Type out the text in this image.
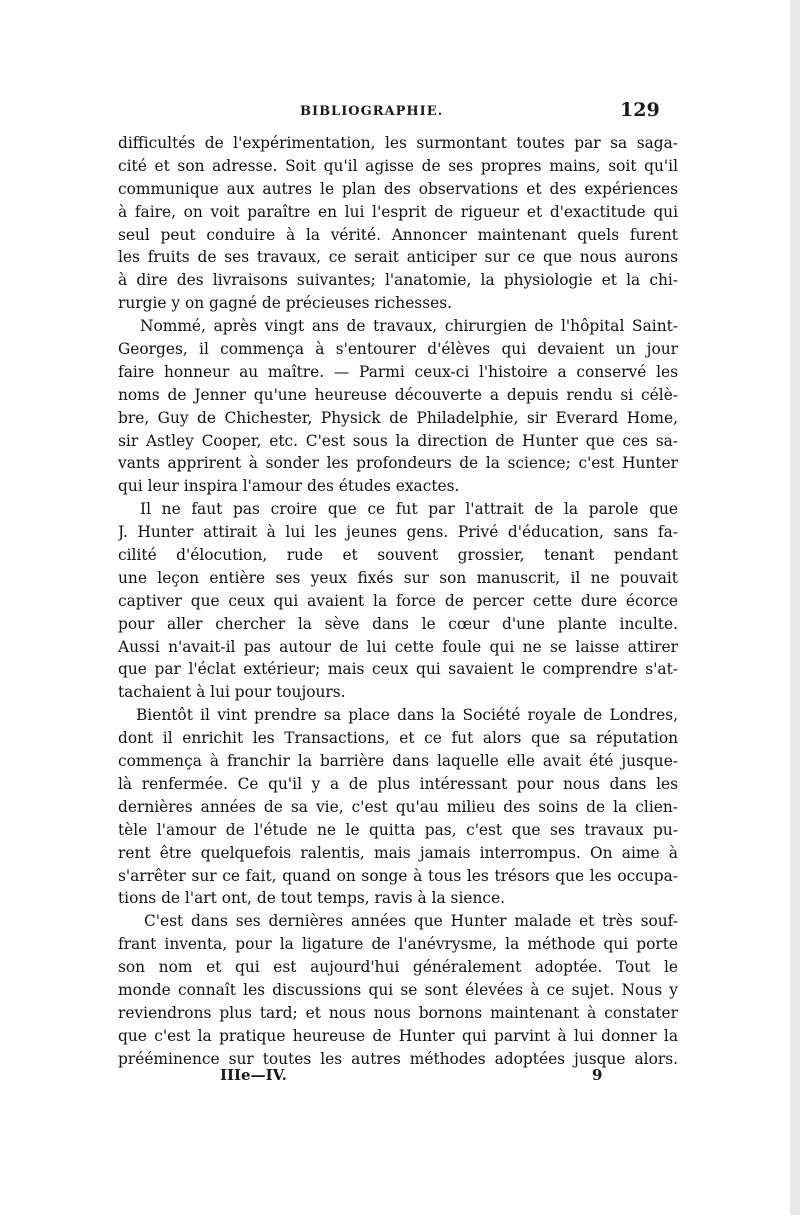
BIBLIOGRAPHIE.	129
difficultés de l'expérimentation, les surmontant toutes par sa saga-
cité et son adresse. Soit qu'il agisse de ses propres mains, soit qu'il
communique aux autres le plan des observations et des expériences
à faire, on voit paraître en lui l'esprit de rigueur et d'exactitude qui
seul peut conduire à la vérité. Annoncer maintenant quels furent
les fruits de ses travaux, ce serait anticiper sur ce que nous aurons
à dire des livraisons suivantes; l'anatomie, la physiologie et la chi-
rurgie y on gagné de précieuses richesses.
Nommé, après vingt ans de travaux, chirurgien de l'hôpital Saint-
Georges, il commença à s'entourer d'élèves qui devaient un jour
faire honneur au maître. — Parmi ceux-ci l'histoire a conservé les
noms de Jenner qu'une heureuse découverte a depuis rendu si célè-
bre, Guy de Chichester, Physick de Philadelphie, sir Everard Home,
sir Astley Cooper, etc. C'est sous la direction de Hunter que ces sa-
vants apprirent à sonder les profondeurs de la science; c'est Hunter
qui leur inspira l'amour des études exactes.
Il ne faut pas croire que ce fut par l'attrait de la parole que
J. Hunter attirait à lui les jeunes gens. Privé d'éducation, sans fa-
cilité d'élocution, rude et souvent grossier, tenant pendant
une leçon entière ses yeux fixés sur son manuscrit, il ne pouvait
captiver que ceux qui avaient la force de percer cette dure écorce
pour aller chercher la sève dans le cœur d'une plante inculte.
Aussi n'avait-il pas autour de lui cette foule qui ne se laisse attirer
que par l'éclat extérieur; mais ceux qui savaient le comprendre s'at-
tachaient à lui pour toujours.
Bientôt il vint prendre sa place dans la Société royale de Londres,
dont il enrichit les Transactions, et ce fut alors que sa réputation
commença à franchir la barrière dans laquelle elle avait été jusque-
là renfermée. Ce qu'il y a de plus intéressant pour nous dans les
dernières années de sa vie, c'est qu'au milieu des soins de la clien-
tèle l'amour de l'étude ne le quitta pas, c'est que ses travaux pu-
rent être quelquefois ralentis, mais jamais interrompus. On aime à
s'arrêter sur ce fait, quand on songe à tous les trésors que les occupa-
tions de l'art ont, de tout temps, ravis à la sience.
C'est dans ses dernières années que Hunter malade et très souf-
frant inventa, pour la ligature de l'anévrysme, la méthode qui porte
son nom et qui est aujourd'hui généralement adoptée. Tout le
monde connaît les discussions qui se sont élevées à ce sujet. Nous y
reviendrons plus tard; et nous nous bornons maintenant à constater
que c'est la pratique heureuse de Hunter qui parvint à lui donner la
prééminence sur toutes les autres méthodes adoptées jusque alors.
IIIe—IV.	9
